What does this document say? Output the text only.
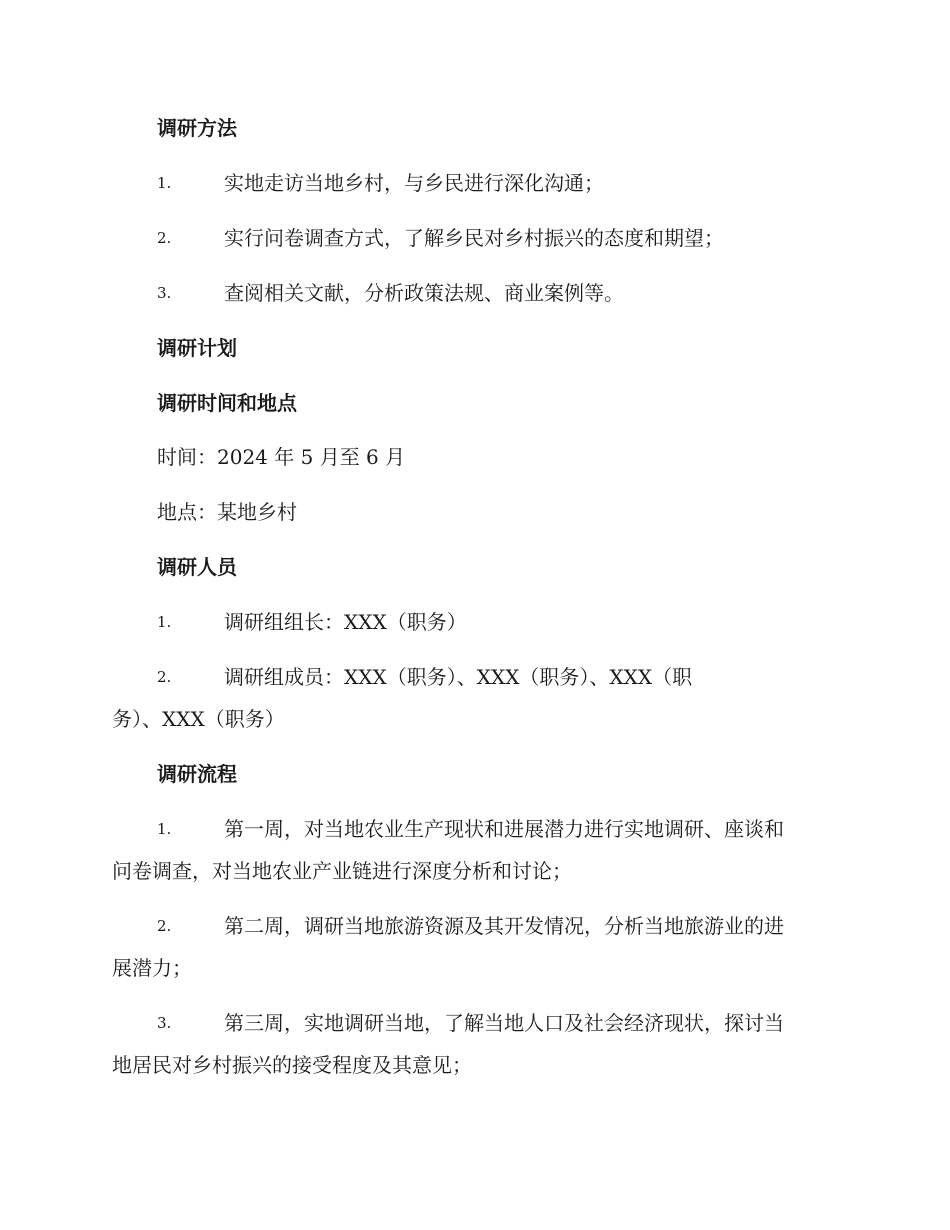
调研方法
1.	实地走访当地乡村，与乡民进行深化沟通；
2.	实行问卷调查方式，了解乡民对乡村振兴的态度和期望；
3.	查阅相关文献，分析政策法规、商业案例等。
调研计划
调研时间和地点
时间：2024 年 5 月至 6 月
地点：某地乡村
调研人员
1.	调研组组长：XXX（职务）
2.	调研组成员：XXX（职务）、XXX（职务）、XXX（职
务）、XXX（职务）
调研流程
1.	第一周，对当地农业生产现状和进展潜力进行实地调研、座谈和
问卷调查，对当地农业产业链进行深度分析和讨论；
2.	第二周，调研当地旅游资源及其开发情况，分析当地旅游业的进
展潜力；
3.	第三周，实地调研当地，了解当地人口及社会经济现状，探讨当
地居民对乡村振兴的接受程度及其意见；
